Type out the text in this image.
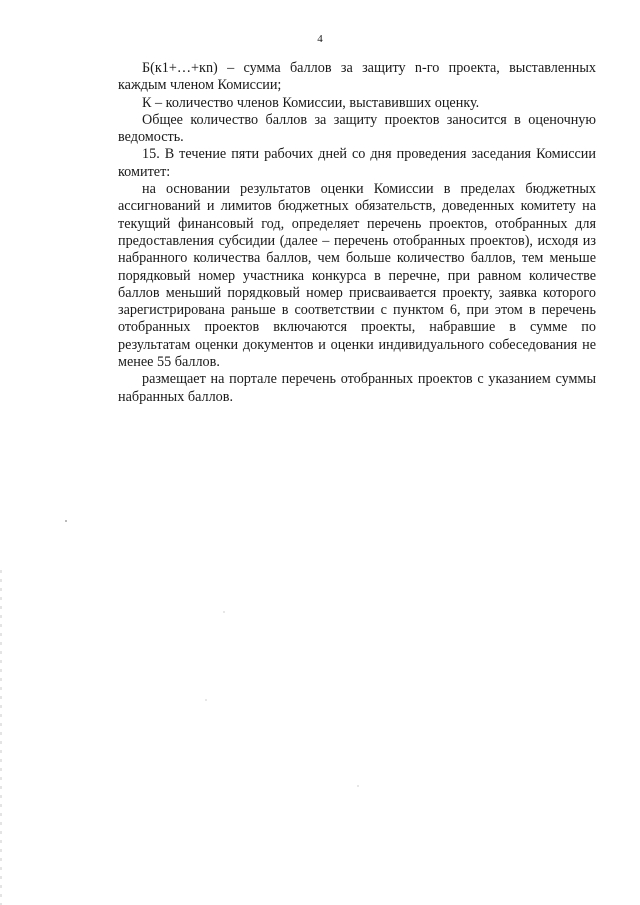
4

Б(к1+…+кn) – сумма баллов за защиту n-го проекта, выставленных каждым членом Комиссии;

К – количество членов Комиссии, выставивших оценку.

Общее количество баллов за защиту проектов заносится в оценочную ведомость.

15. В течение пяти рабочих дней со дня проведения заседания Комиссии комитет:

на основании результатов оценки Комиссии в пределах бюджетных ассигнований и лимитов бюджетных обязательств, доведенных комитету на текущий финансовый год, определяет перечень проектов, отобранных для предоставления субсидии (далее – перечень отобранных проектов), исходя из набранного количества баллов, чем больше количество баллов, тем меньше порядковый номер участника конкурса в перечне, при равном количестве баллов меньший порядковый номер присваивается проекту, заявка которого зарегистрирована раньше в соответствии с пунктом 6, при этом в перечень отобранных проектов включаются проекты, набравшие в сумме по результатам оценки документов и оценки индивидуального собеседования не менее 55 баллов.

размещает на портале перечень отобранных проектов с указанием суммы набранных баллов.
